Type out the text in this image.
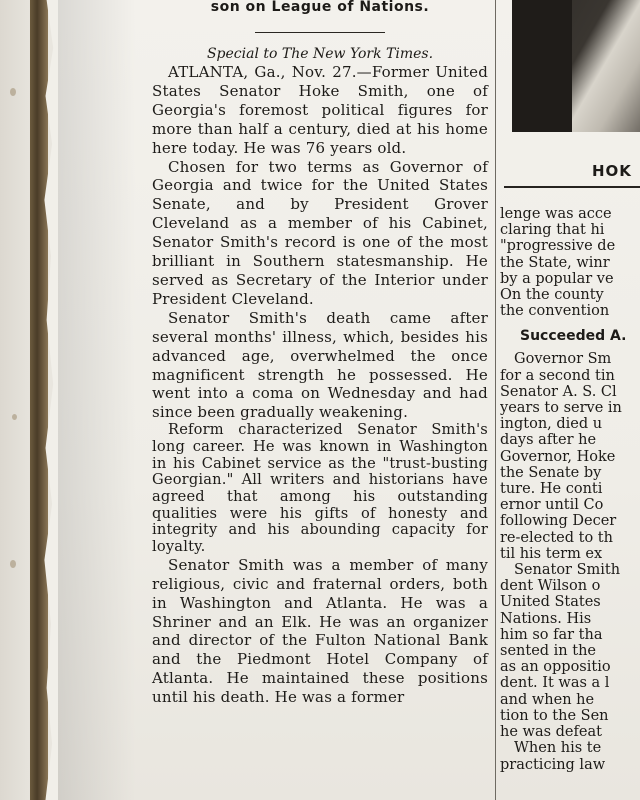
son on League of Nations.

Special to The New York Times.

ATLANTA, Ga., Nov. 27.—Former United States Senator Hoke Smith, one of Georgia's foremost political figures for more than half a century, died at his home here today. He was 76 years old.

Chosen for two terms as Governor of Georgia and twice for the United States Senate, and by President Grover Cleveland as a member of his Cabinet, Senator Smith's record is one of the most brilliant in Southern statesmanship. He served as Secretary of the Interior under President Cleveland.

Senator Smith's death came after several months' illness, which, besides his advanced age, overwhelmed the once magnificent strength he possessed. He went into a coma on Wednesday and had since been gradually weakening.

Reform characterized Senator Smith's long career. He was known in Washington in his Cabinet service as the "trust-busting Georgian." All writers and historians have agreed that among his outstanding qualities were his gifts of honesty and integrity and his abounding capacity for loyalty.

Senator Smith was a member of many religious, civic and fraternal orders, both in Washington and Atlanta. He was a Shriner and an Elk. He was an organizer and director of the Fulton National Bank and the Piedmont Hotel Company of Atlanta. He maintained these positions until his death. He was a former

HOK

lenge was acce

claring that hi

"progressive de

the State, winr

by a popular ve

On the county

the convention

Succeeded A.

Governor Sm

for a second tin

Senator A. S. Cl

years to serve in

ington, died u

days after he

Governor, Hoke

the Senate by

ture. He conti

ernor until Co

following Decer

re-elected to th

til his term ex

Senator Smith

dent Wilson o

United States

Nations. His

him so far tha

sented in the

as an oppositio

dent. It was a l

and when he

tion to the Sen

he was defeat

When his te

practicing law
